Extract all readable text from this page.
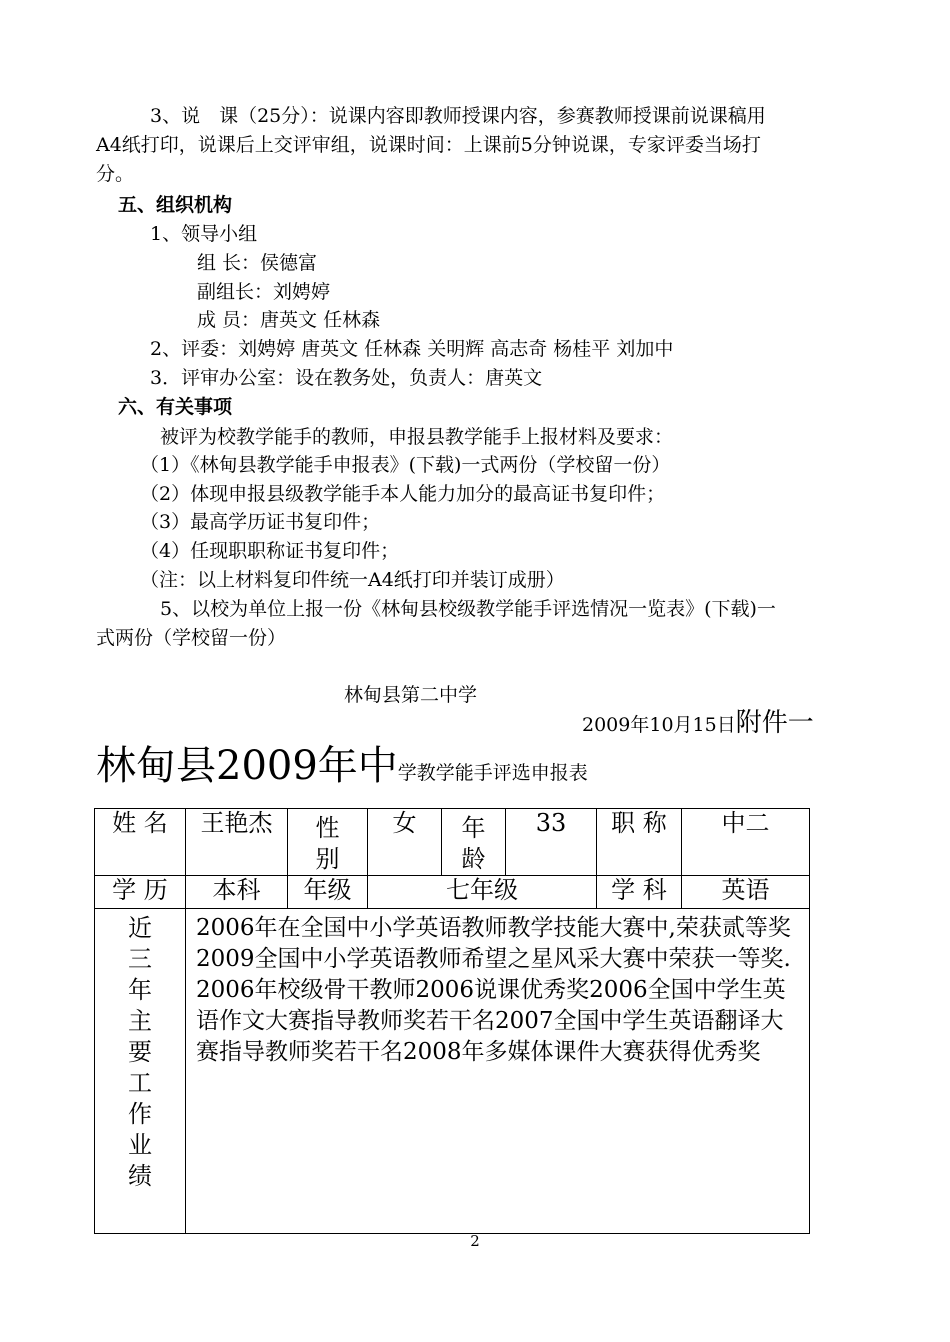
3、说　课（25分）：说课内容即教师授课内容，参赛教师授课前说课稿用
A4纸打印，说课后上交评审组，说课时间：上课前5分钟说课，专家评委当场打
分。
五、组织机构
1、领导小组
组 长：侯德富
副组长：刘娉婷
成 员：唐英文 任林森
2、评委：刘娉婷 唐英文 任林森 关明辉 高志奇 杨桂平 刘加中
3．评审办公室：设在教务处，负责人：唐英文
六、有关事项
被评为校教学能手的教师，申报县教学能手上报材料及要求：
（1）《林甸县教学能手申报表》(下载)一式两份（学校留一份）
（2）体现申报县级教学能手本人能力加分的最高证书复印件；
（3）最高学历证书复印件；
（4）任现职职称证书复印件；
（注：以上材料复印件统一A4纸打印并装订成册）
5、以校为单位上报一份《林甸县校级教学能手评选情况一览表》(下载)一
式两份（学校留一份）
林甸县第二中学
2009年10月15日附件一
林甸县2009年中学教学能手评选申报表
姓 名	王艳杰	性别	女	年龄	33	职 称	中二
学 历	本科	年级	七年级			学 科	英语
近三年主要工作业绩	2006年在全国中小学英语教师教学技能大赛中,荣获贰等奖2009全国中小学英语教师希望之星风采大赛中荣获一等奖.2006年校级骨干教师2006说课优秀奖2006全国中学生英语作文大赛指导教师奖若干名2007全国中学生英语翻译大赛指导教师奖若干名2008年多媒体课件大赛获得优秀奖						
2
